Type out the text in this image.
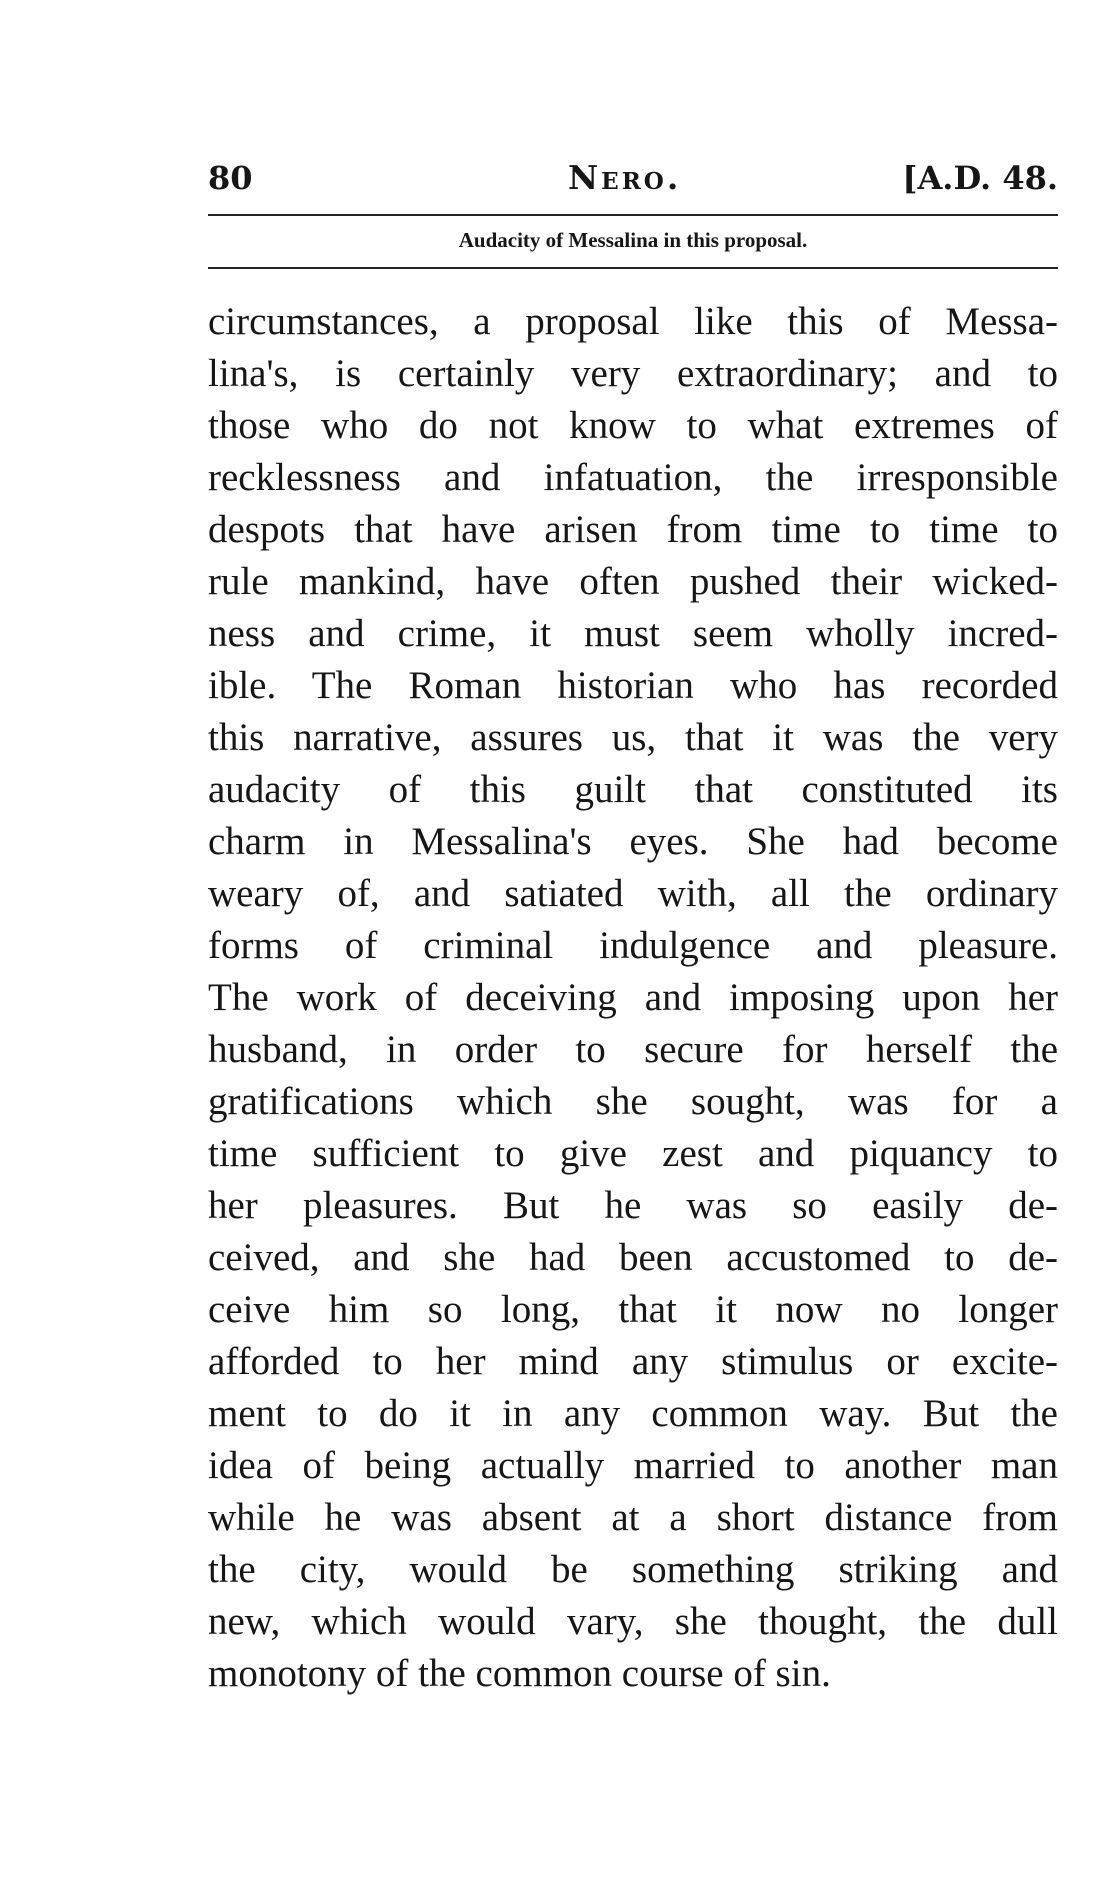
80	Nero.	[A.D. 48.
Audacity of Messalina in this proposal.
circumstances, a proposal like this of Messa-
lina's, is certainly very extraordinary; and to
those who do not know to what extremes of
recklessness and infatuation, the irresponsible
despots that have arisen from time to time to
rule mankind, have often pushed their wicked-
ness and crime, it must seem wholly incred-
ible. The Roman historian who has recorded
this narrative, assures us, that it was the very
audacity of this guilt that constituted its
charm in Messalina's eyes. She had become
weary of, and satiated with, all the ordinary
forms of criminal indulgence and pleasure.
The work of deceiving and imposing upon her
husband, in order to secure for herself the
gratifications which she sought, was for a
time sufficient to give zest and piquancy to
her pleasures. But he was so easily de-
ceived, and she had been accustomed to de-
ceive him so long, that it now no longer
afforded to her mind any stimulus or excite-
ment to do it in any common way. But the
idea of being actually married to another man
while he was absent at a short distance from
the city, would be something striking and
new, which would vary, she thought, the dull
monotony of the common course of sin.
